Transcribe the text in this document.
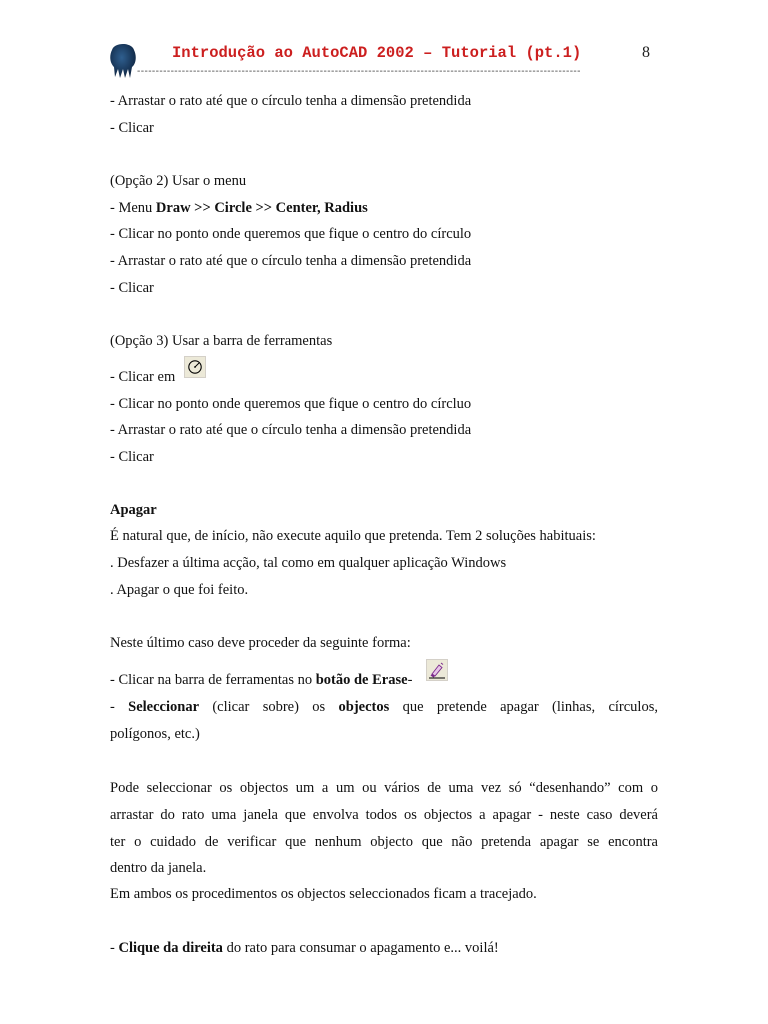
Introdução ao AutoCAD 2002 – Tutorial (pt.1)	8
-----------------------------------------------------------------------------------------------------------------------
- Arrastar o rato até que o círculo tenha a dimensão pretendida
- Clicar
(Opção 2) Usar o menu
- Menu Draw >> Circle >> Center, Radius
- Clicar no ponto onde queremos que fique o centro do círculo
- Arrastar o rato até que o círculo tenha a dimensão pretendida
- Clicar
(Opção 3) Usar a barra de ferramentas
- Clicar em
- Clicar no ponto onde queremos que fique o centro do círcluo
- Arrastar o rato até que o círculo tenha a dimensão pretendida
- Clicar
Apagar
É natural que, de início, não execute aquilo que pretenda. Tem 2 soluções habituais:
. Desfazer a última acção, tal como em qualquer aplicação Windows
. Apagar o que foi feito.
Neste último caso deve proceder da seguinte forma:
- Clicar na barra de ferramentas no botão de Erase-
- Seleccionar (clicar sobre) os objectos que pretende apagar (linhas, círculos,
polígonos, etc.)
Pode seleccionar os objectos um a um ou vários de uma vez só “desenhando” com o
arrastar do rato uma janela que envolva todos os objectos a apagar - neste caso deverá
ter o cuidado de verificar que nenhum objecto que não pretenda apagar se encontra
dentro da janela.
Em ambos os procedimentos os objectos seleccionados ficam a tracejado.
- Clique da direita do rato para consumar o apagamento e... voilá!
